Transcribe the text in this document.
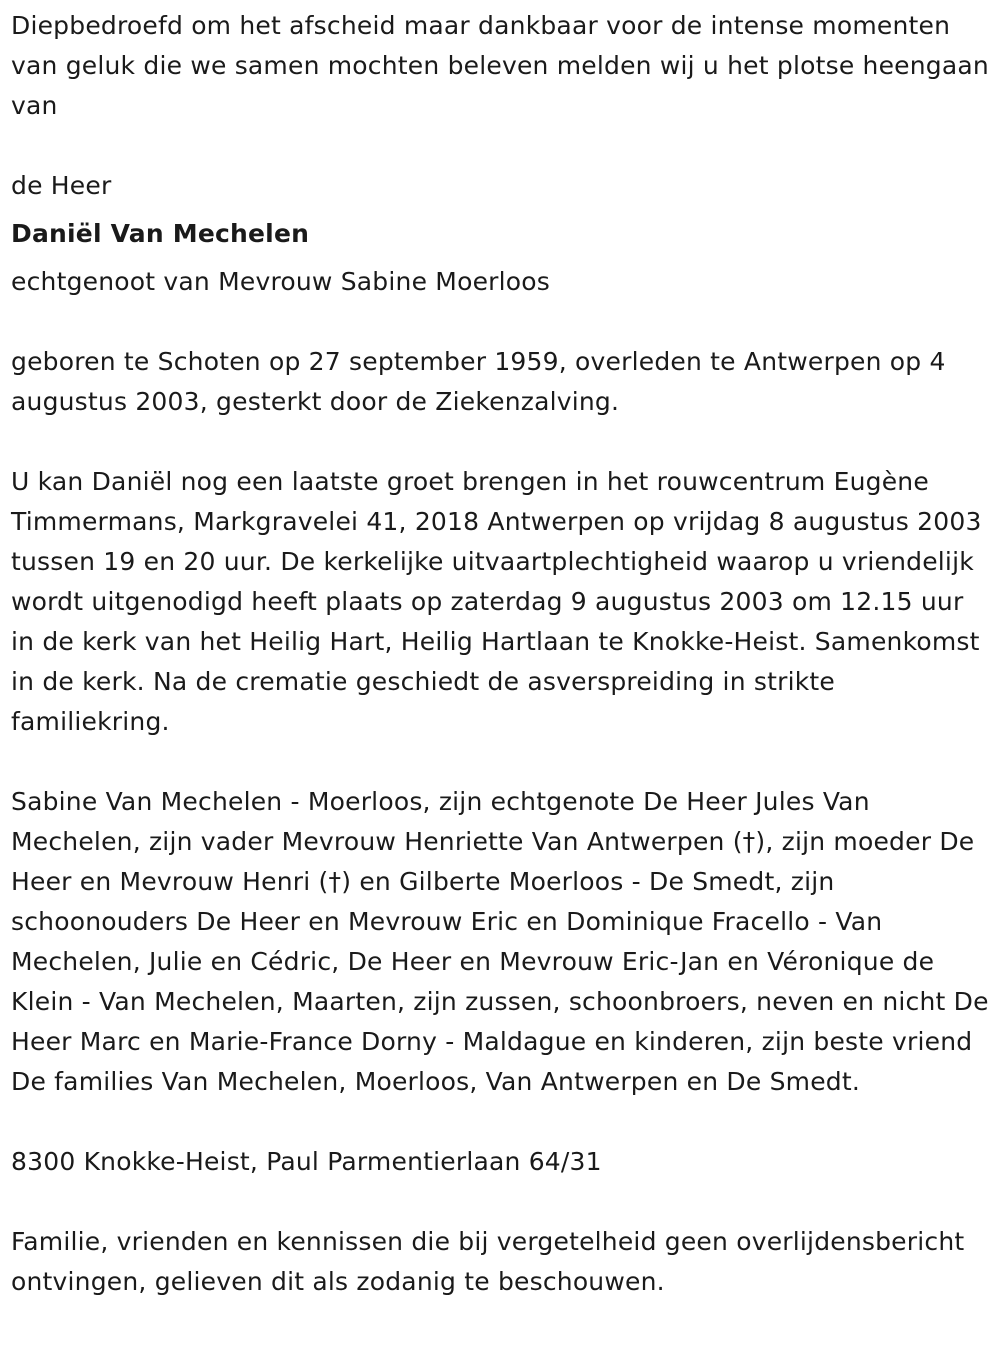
Diepbedroefd om het afscheid maar dankbaar voor de intense momenten van geluk die we samen mochten beleven melden wij u het plotse heengaan van

de Heer

Daniël Van Mechelen

echtgenoot van Mevrouw Sabine Moerloos

geboren te Schoten op 27 september 1959, overleden te Antwerpen op 4 augustus 2003, gesterkt door de Ziekenzalving.

U kan Daniël nog een laatste groet brengen in het rouwcentrum Eugène Timmermans, Markgravelei 41, 2018 Antwerpen op vrijdag 8 augustus 2003 tussen 19 en 20 uur. De kerkelijke uitvaartplechtigheid waarop u vriendelijk wordt uitgenodigd heeft plaats op zaterdag 9 augustus 2003 om 12.15 uur in de kerk van het Heilig Hart, Heilig Hartlaan te Knokke-Heist. Samenkomst in de kerk. Na de crematie geschiedt de asverspreiding in strikte familiekring.

Sabine Van Mechelen - Moerloos, zijn echtgenote De Heer Jules Van Mechelen, zijn vader Mevrouw Henriette Van Antwerpen (†), zijn moeder De Heer en Mevrouw Henri (†) en Gilberte Moerloos - De Smedt, zijn schoonouders De Heer en Mevrouw Eric en Dominique Fracello - Van Mechelen, Julie en Cédric, De Heer en Mevrouw Eric-Jan en Véronique de Klein - Van Mechelen, Maarten, zijn zussen, schoonbroers, neven en nicht De Heer Marc en Marie-France Dorny - Maldague en kinderen, zijn beste vriend De families Van Mechelen, Moerloos, Van Antwerpen en De Smedt.

8300 Knokke-Heist, Paul Parmentierlaan 64/31

Familie, vrienden en kennissen die bij vergetelheid geen overlijdensbericht ontvingen, gelieven dit als zodanig te beschouwen.
